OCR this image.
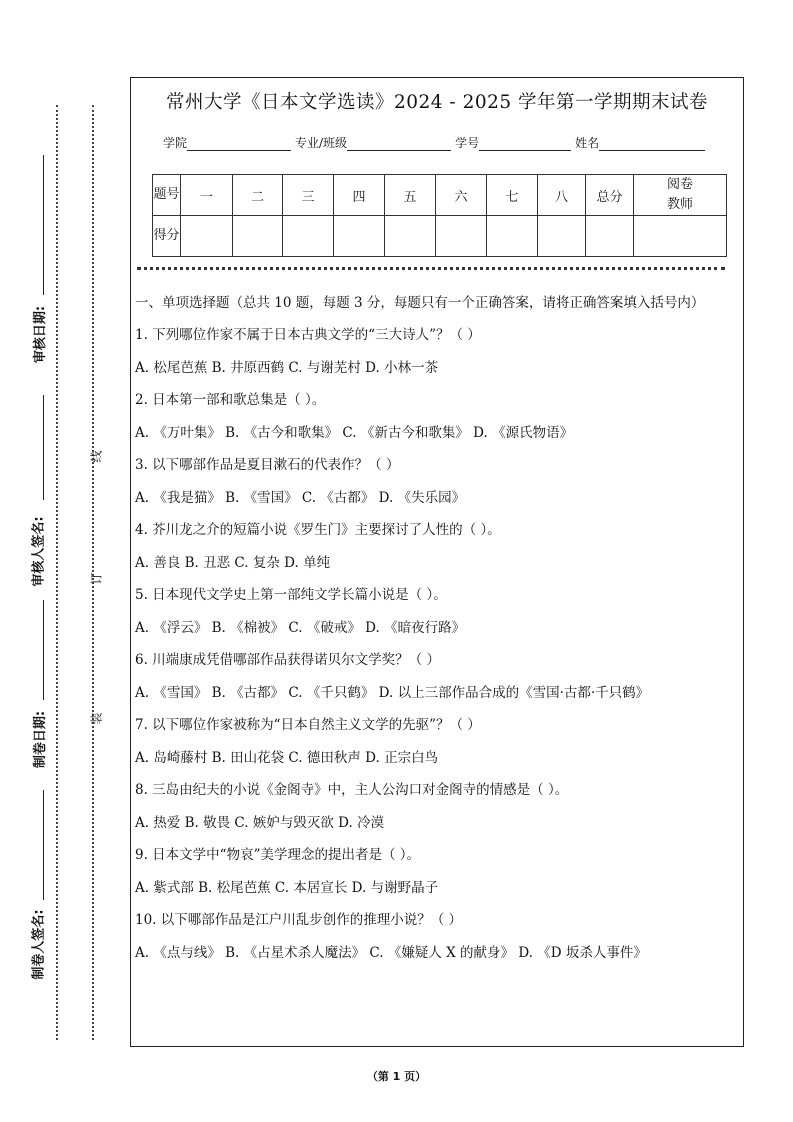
审核日期:
审核人签名:
制卷日期:
制卷人签名:
线
订
装
常州大学《日本文学选读》2024 - 2025 学年第一学期期末试卷
学院	专业/班级	学号	姓名
题号	一	二	三	四	五	六	七	八	总分	阅卷教师
得分										
一、单项选择题（总共 10 题，每题 3 分，每题只有一个正确答案，请将正确答案填入括号内）
1. 下列哪位作家不属于日本古典文学的“三大诗人”？（ ）
A. 松尾芭蕉 B. 井原西鹤 C. 与谢芜村 D. 小林一茶
2. 日本第一部和歌总集是（ ）。
A. 《万叶集》 B. 《古今和歌集》 C. 《新古今和歌集》 D. 《源氏物语》
3. 以下哪部作品是夏目漱石的代表作？（ ）
A. 《我是猫》 B. 《雪国》 C. 《古都》 D. 《失乐园》
4. 芥川龙之介的短篇小说《罗生门》主要探讨了人性的（ ）。
A. 善良 B. 丑恶 C. 复杂 D. 单纯
5. 日本现代文学史上第一部纯文学长篇小说是（ ）。
A. 《浮云》 B. 《棉被》 C. 《破戒》 D. 《暗夜行路》
6. 川端康成凭借哪部作品获得诺贝尔文学奖？（ ）
A. 《雪国》 B. 《古都》 C. 《千只鹤》 D. 以上三部作品合成的《雪国·古都·千只鹤》
7. 以下哪位作家被称为“日本自然主义文学的先驱”？（ ）
A. 岛崎藤村 B. 田山花袋 C. 德田秋声 D. 正宗白鸟
8. 三岛由纪夫的小说《金阁寺》中，主人公沟口对金阁寺的情感是（ ）。
A. 热爱 B. 敬畏 C. 嫉妒与毁灭欲 D. 冷漠
9. 日本文学中“物哀”美学理念的提出者是（ ）。
A. 紫式部 B. 松尾芭蕉 C. 本居宣长 D. 与谢野晶子
10. 以下哪部作品是江户川乱步创作的推理小说？（ ）
A. 《点与线》 B. 《占星术杀人魔法》 C. 《嫌疑人 X 的献身》 D. 《D 坂杀人事件》
（第 1 页）
